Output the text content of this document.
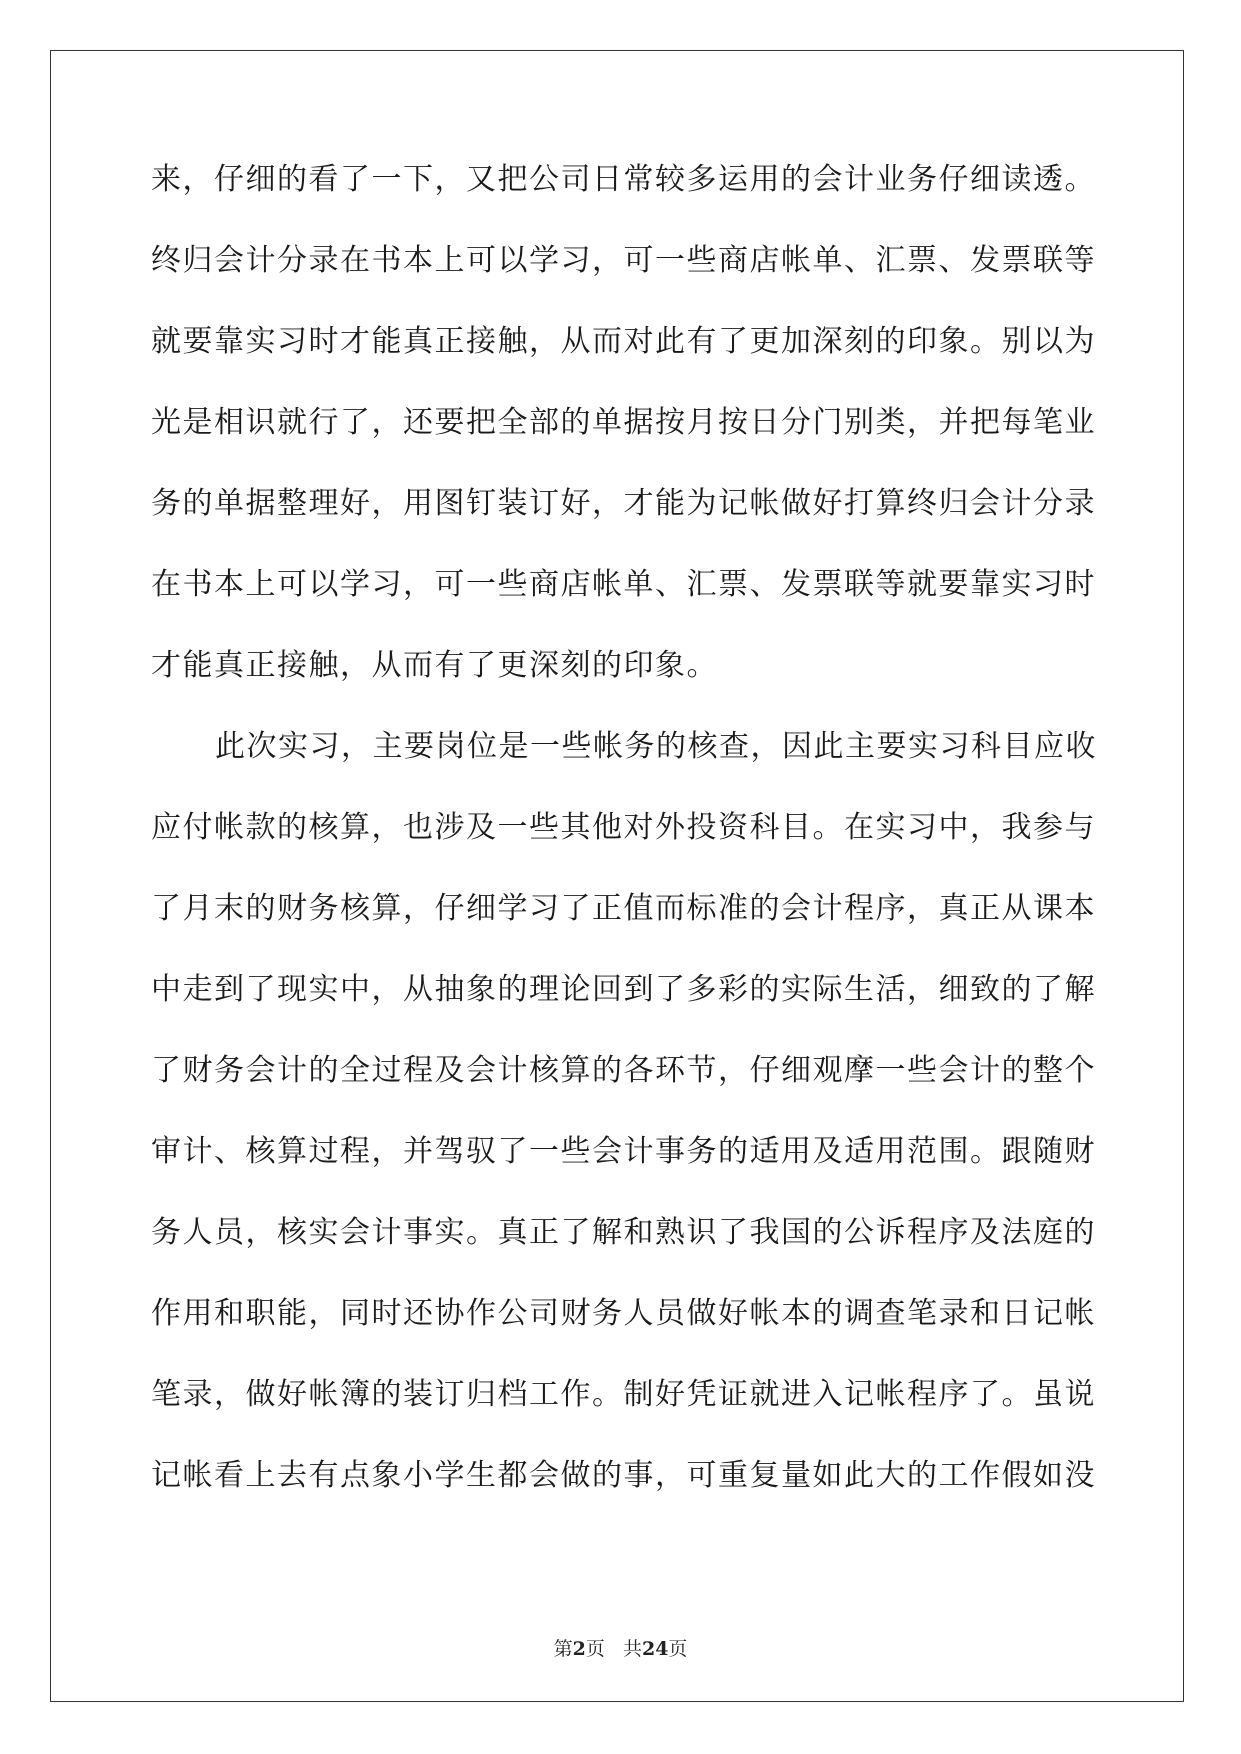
来，仔细的看了一下，又把公司日常较多运用的会计业务仔细读透。
终归会计分录在书本上可以学习，可一些商店帐单、汇票、发票联等
就要靠实习时才能真正接触，从而对此有了更加深刻的印象。别以为
光是相识就行了，还要把全部的单据按月按日分门别类，并把每笔业
务的单据整理好，用图钉装订好，才能为记帐做好打算终归会计分录
在书本上可以学习，可一些商店帐单、汇票、发票联等就要靠实习时
才能真正接触，从而有了更深刻的印象。
此次实习，主要岗位是一些帐务的核查，因此主要实习科目应收
应付帐款的核算，也涉及一些其他对外投资科目。在实习中，我参与
了月末的财务核算，仔细学习了正值而标准的会计程序，真正从课本
中走到了现实中，从抽象的理论回到了多彩的实际生活，细致的了解
了财务会计的全过程及会计核算的各环节，仔细观摩一些会计的整个
审计、核算过程，并驾驭了一些会计事务的适用及适用范围。跟随财
务人员，核实会计事实。真正了解和熟识了我国的公诉程序及法庭的
作用和职能，同时还协作公司财务人员做好帐本的调查笔录和日记帐
笔录，做好帐簿的装订归档工作。制好凭证就进入记帐程序了。虽说
记帐看上去有点象小学生都会做的事，可重复量如此大的工作假如没
第2页 共24页
